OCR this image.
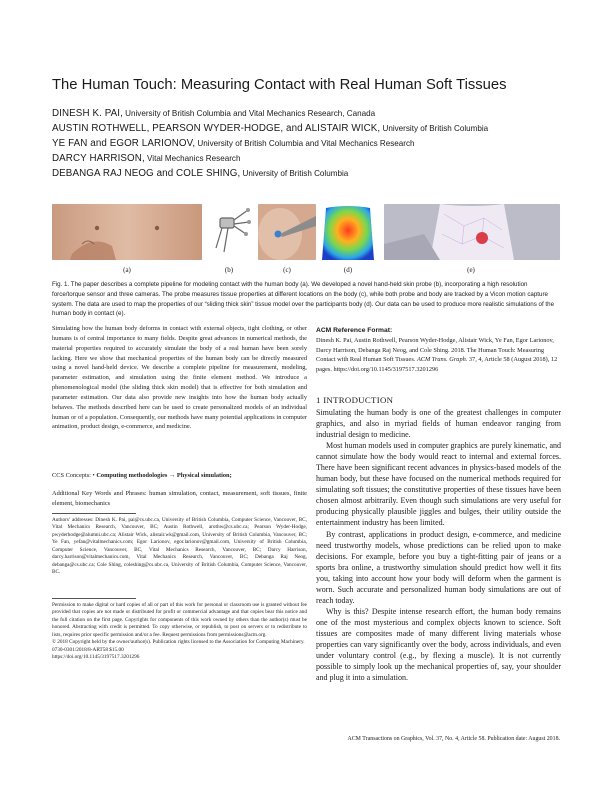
The Human Touch: Measuring Contact with Real Human Soft Tissues
DINESH K. PAI, University of British Columbia and Vital Mechanics Research, Canada
AUSTIN ROTHWELL, PEARSON WYDER-HODGE, and ALISTAIR WICK, University of British Columbia
YE FAN and EGOR LARIONOV, University of British Columbia and Vital Mechanics Research
DARCY HARRISON, Vital Mechanics Research
DEBANGA RAJ NEOG and COLE SHING, University of British Columbia
(a)	(b)	(c)	(d)	(e)
Fig. 1. The paper describes a complete pipeline for modeling contact with the human body (a). We developed a novel hand-held skin probe (b), incorporating a high resolution force/torque sensor and three cameras. The probe measures tissue properties at different locations on the body (c), while both probe and body are tracked by a Vicon motion capture system. The data are used to map the properties of our “sliding thick skin” tissue model over the participants body (d). Our data can be used to produce more realistic simulations of the human body in contact (e).
Simulating how the human body deforms in contact with external objects, tight clothing, or other humans is of central importance to many fields. Despite great advances in numerical methods, the material properties required to accurately simulate the body of a real human have been sorely lacking. Here we show that mechanical properties of the human body can be directly measured using a novel hand-held device. We describe a complete pipeline for measurement, modeling, parameter estimation, and simulation using the finite element method. We introduce a phenomenological model (the sliding thick skin model) that is effective for both simulation and parameter estimation. Our data also provide new insights into how the human body actually behaves. The methods described here can be used to create personalized models of an individual human or of a population. Consequently, our methods have many potential applications in computer animation, product design, e-commerce, and medicine.
CCS Concepts: • Computing methodologies → Physical simulation;
Additional Key Words and Phrases: human simulation, contact, measurement, soft tissues, finite element, biomechanics
Authors’ addresses: Dinesh K. Pai, pai@cs.ubc.ca, University of British Columbia, Computer Science, Vancouver, BC, Vital Mechanics Research, Vancouver, BC; Austin Rothwell, arothw@cs.ubc.ca; Pearson Wyder-Hodge, pwyderhodge@alumni.ubc.ca; Alistair Wick, alistair.wk@gmail.com, University of British Columbia, Vancouver, BC; Ye Fan, yefan@vitalmechanics.com; Egor Larionov, egor.larionov@gmail.com, University of British Columbia, Computer Science, Vancouver, BC, Vital Mechanics Research, Vancouver, BC; Darcy Harrison, darcy.harrison@vitalmechanics.com, Vital Mechanics Research, Vancouver, BC; Debanga Raj Neog, debanga@cs.ubc.ca; Cole Shing, coleshing@cs.ubc.ca, University of British Columbia, Computer Science, Vancouver, BC.
Permission to make digital or hard copies of all or part of this work for personal or classroom use is granted without fee provided that copies are not made or distributed for profit or commercial advantage and that copies bear this notice and the full citation on the first page. Copyrights for components of this work owned by others than the author(s) must be honored. Abstracting with credit is permitted. To copy otherwise, or republish, to post on servers or to redistribute to lists, requires prior specific permission and/or a fee. Request permissions from permissions@acm.org.
© 2018 Copyright held by the owner/author(s). Publication rights licensed to the Association for Computing Machinery.
0730-0301/2018/8-ART58 $15.00
https://doi.org/10.1145/3197517.3201296
ACM Reference Format:
Dinesh K. Pai, Austin Rothwell, Pearson Wyder-Hodge, Alistair Wick, Ye Fan, Egor Larionov, Darcy Harrison, Debanga Raj Neog, and Cole Shing. 2018. The Human Touch: Measuring Contact with Real Human Soft Tissues. ACM Trans. Graph. 37, 4, Article 58 (August 2018), 12 pages. https://doi.org/10.1145/3197517.3201296
1 INTRODUCTION

Simulating the human body is one of the greatest challenges in computer graphics, and also in myriad fields of human endeavor ranging from industrial design to medicine.

Most human models used in computer graphics are purely kinematic, and cannot simulate how the body would react to internal and external forces. There have been significant recent advances in physics-based models of the human body, but these have focused on the numerical methods required for simulating soft tissues; the constitutive properties of these tissues have been chosen almost arbitrarily. Even though such simulations are very useful for producing physically plausible jiggles and bulges, their utility outside the entertainment industry has been limited.

By contrast, applications in product design, e-commerce, and medicine need trustworthy models, whose predictions can be relied upon to make decisions. For example, before you buy a tight-fitting pair of jeans or a sports bra online, a trustworthy simulation should predict how well it fits you, taking into account how your body will deform when the garment is worn. Such accurate and personalized human body simulations are out of reach today.

Why is this? Despite intense research effort, the human body remains one of the most mysterious and complex objects known to science. Soft tissues are composites made of many different living materials whose properties can vary significantly over the body, across individuals, and even under voluntary control (e.g., by flexing a muscle). It is not currently possible to simply look up the mechanical properties of, say, your shoulder and plug it into a simulation.

ACM Transactions on Graphics, Vol. 37, No. 4, Article 58. Publication date: August 2018.
